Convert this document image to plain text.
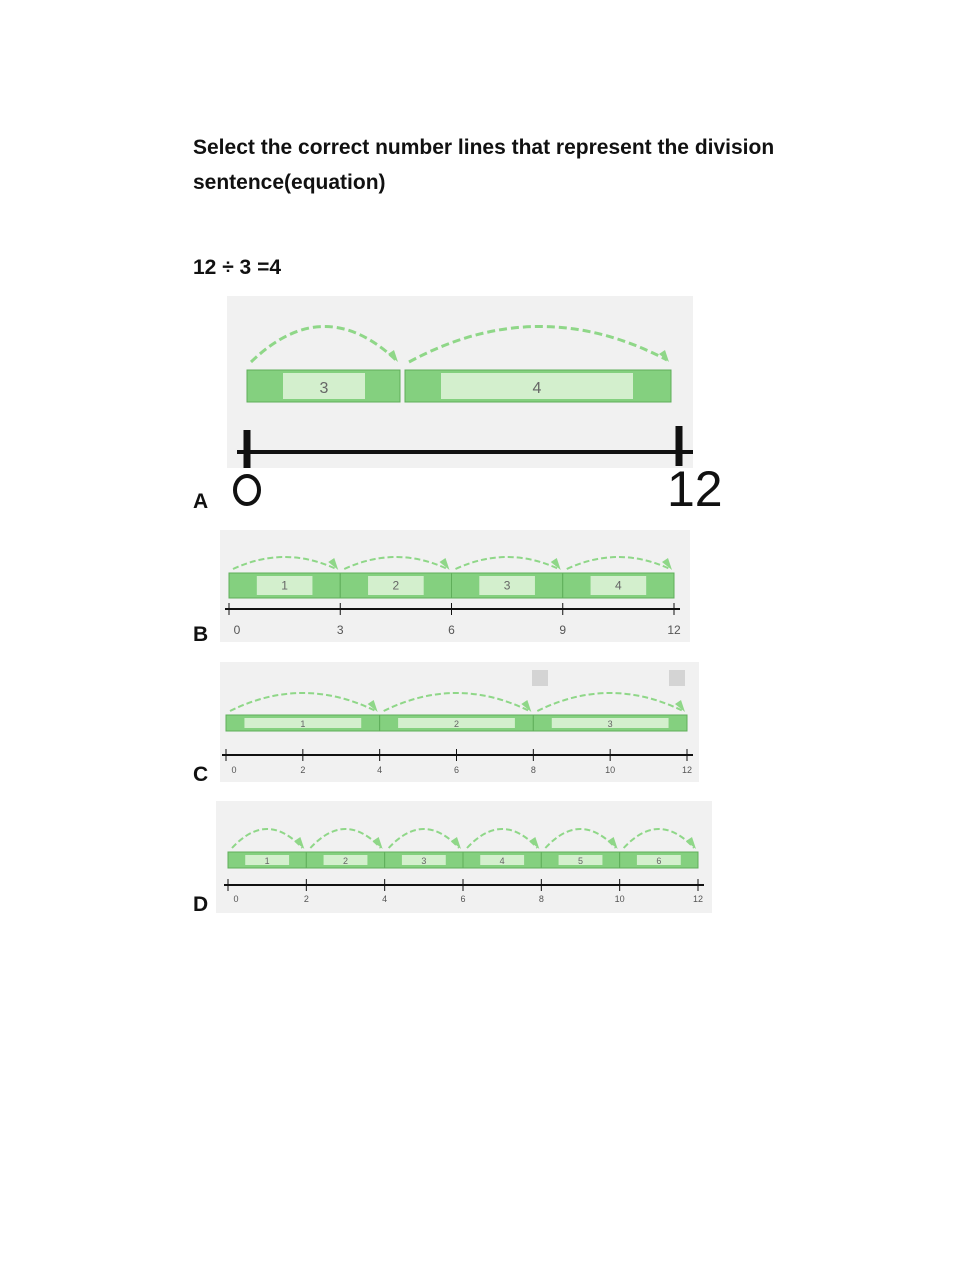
Select the correct number lines that represent the division sentence(equation)

12 ÷ 3 =4
A
3	4
12
B 0	3	6	9	12
1	2	3	4
C	0	2	4	6	8	10	12
1	2	3
D	0	2	4	6	8	10	12
1	2	3	4	5	6
